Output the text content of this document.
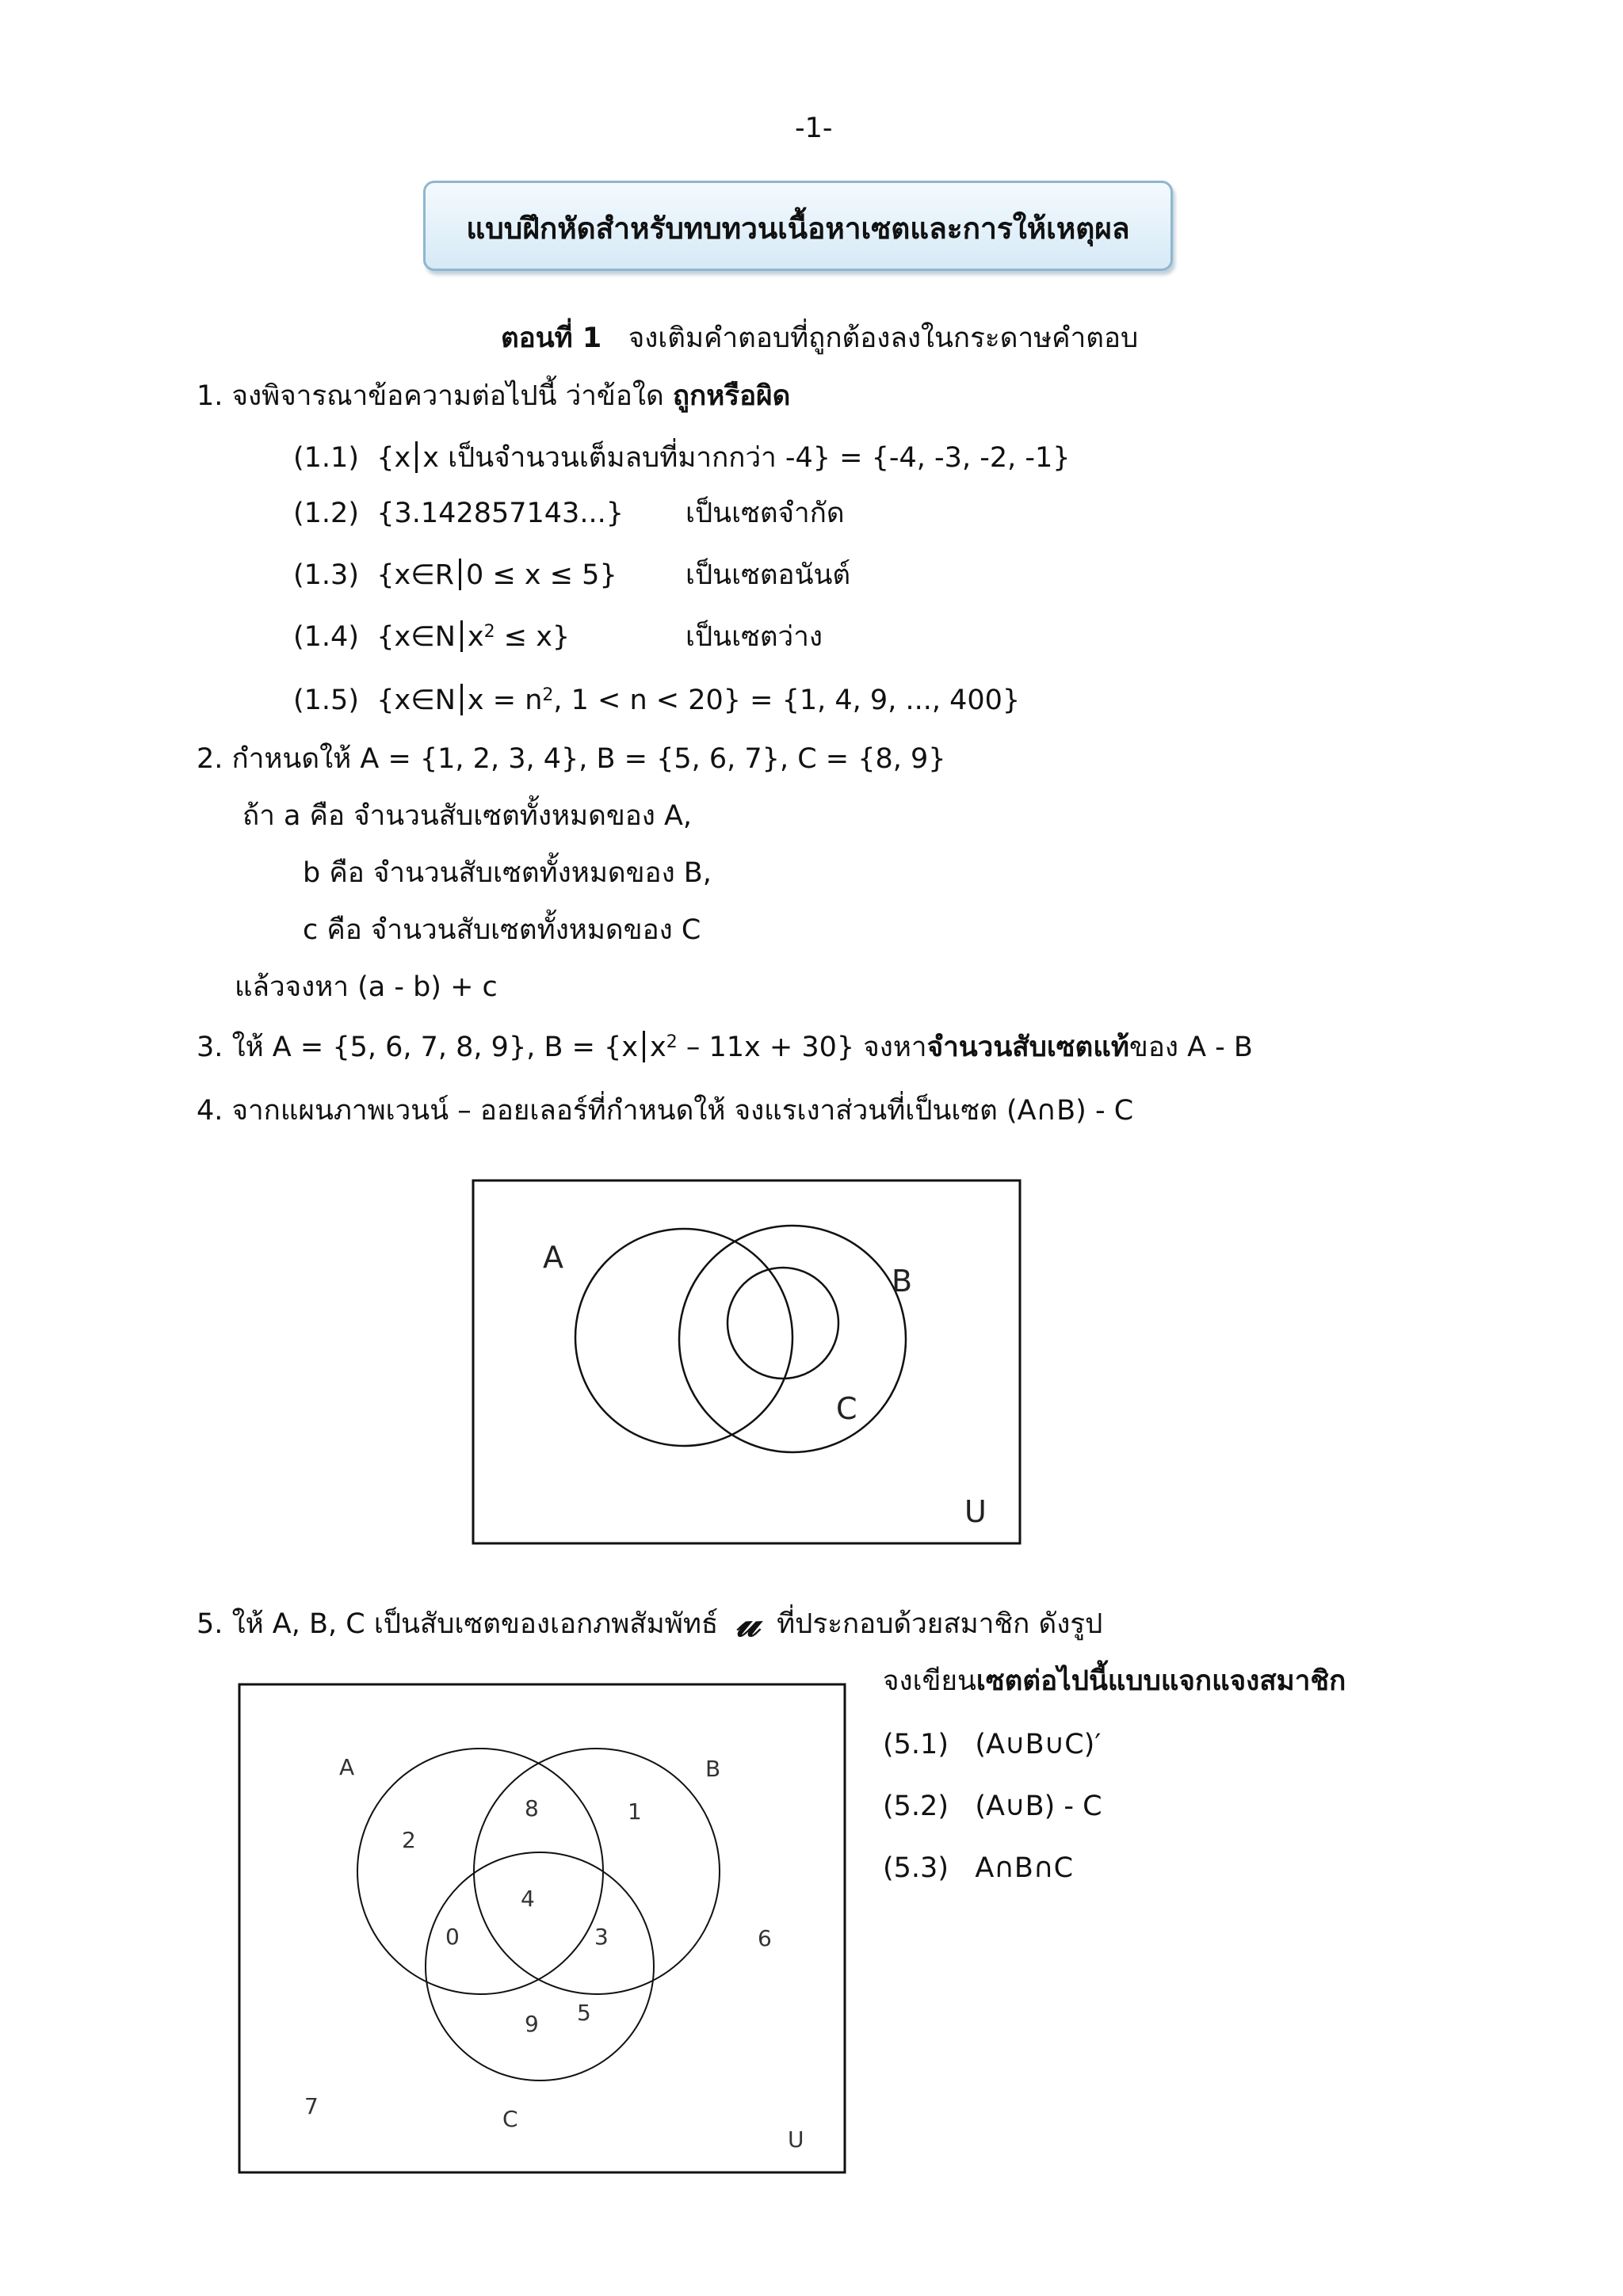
-1-
แบบฝึกหัดสำหรับทบทวนเนื้อหาเซตและการให้เหตุผล
ตอนที่ 1 จงเติมคำตอบที่ถูกต้องลงในกระดาษคำตอบ
1. จงพิจารณาข้อความต่อไปนี้ ว่าข้อใด ถูกหรือผิด
(1.1) {x x เป็นจำนวนเต็มลบที่มากกว่า -4} = {-4, -3, -2, -1}
(1.2) {3.142857143...} เป็นเซตจำกัด
(1.3) {x∈R 0 ≤ x ≤ 5} เป็นเซตอนันต์
(1.4) {x∈N $x^2 \le x$}	เป็นเซตว่าง
(1.5) {x∈N $x = n^2$, 1 < n < 20} = {1, 4, 9, ..., 400}
2. กำหนดให้ A = {1, 2, 3, 4}, B = {5, 6, 7}, C = {8, 9}
ถ้า a คือ จำนวนสับเซตทั้งหมดของ A,
b คือ จำนวนสับเซตทั้งหมดของ B,
c คือ จำนวนสับเซตทั้งหมดของ C
แล้วจงหา (a - b) + c
3. ให้ A = {5, 6, 7, 8, 9}, B = {x $x^2 - 11x + 30$} จงหาจำนวนสับเซตแท้ของ A - B
4. จากแผนภาพเวนน์ – ออยเลอร์ที่กำหนดให้ จงแรเงาส่วนที่เป็นเซต (A∩B) - C
A
B
C
U
5. ให้ A, B, C เป็นสับเซตของเอกภพสัมพัทธ์ 𝓊 ที่ประกอบด้วยสมาชิก ดังรูป
จงเขียนเซตต่อไปนี้แบบแจกแจงสมาชิก
(5.1) (A∪B∪C)′
(5.2) (A∪B) - C
(5.3) A∩B∩C
A	B
C
U
2
8	1
4
0	3	6
9 5
7
